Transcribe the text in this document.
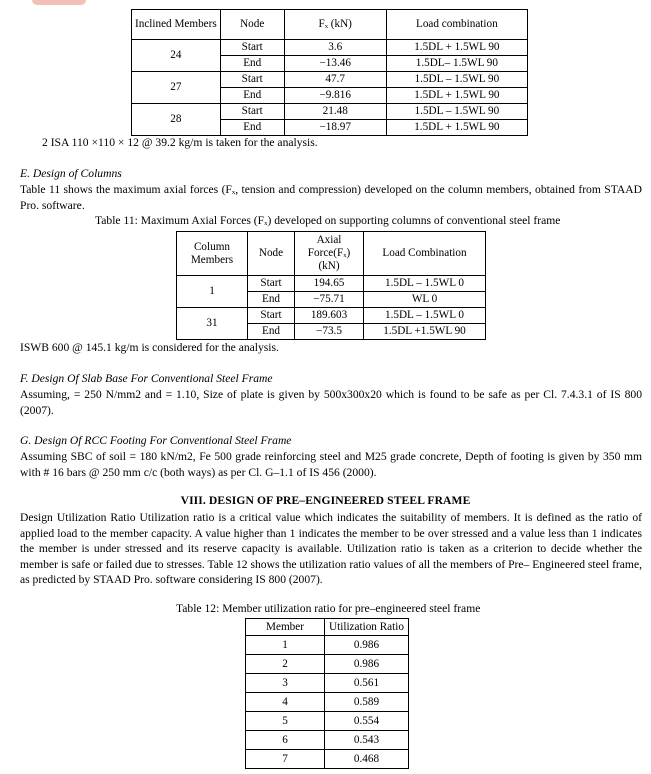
Inclined Members	Node	Fₓ (kN)	Load combination
24	Start	3.6	1.5DL + 1.5WL 90
	End	−13.46	1.5DL– 1.5WL 90
27	Start	47.7	1.5DL – 1.5WL 90
	End	−9.816	1.5DL + 1.5WL 90
28	Start	21.48	1.5DL – 1.5WL 90
	End	−18.97	1.5DL + 1.5WL 90

2 ISA 110 ×110 × 12 @ 39.2 kg/m is taken for the analysis.

E. Design of Columns

Table 11 shows the maximum axial forces (Fₓ, tension and compression) developed on the column members, obtained from STAAD Pro. software.

Table 11: Maximum Axial Forces (Fₓ) developed on supporting columns of conventional steel frame

Column Members	Node	Axial Force(Fₓ) (kN)	Load Combination
1	Start	194.65	1.5DL – 1.5WL 0
	End	−75.71	WL 0
31	Start	189.603	1.5DL – 1.5WL 0
	End	−73.5	1.5DL +1.5WL 90

ISWB 600 @ 145.1 kg/m is considered for the analysis.

F. Design Of Slab Base For Conventional Steel Frame

Assuming, = 250 N/mm2 and = 1.10, Size of plate is given by 500x300x20 which is found to be safe as per Cl. 7.4.3.1 of IS 800 (2007).

G. Design Of RCC Footing For Conventional Steel Frame

Assuming SBC of soil = 180 kN/m2, Fe 500 grade reinforcing steel and M25 grade concrete, Depth of footing is given by 350 mm with # 16 bars @ 250 mm c/c (both ways) as per Cl. G–1.1 of IS 456 (2000).

VIII. DESIGN OF PRE–ENGINEERED STEEL FRAME

Design Utilization Ratio Utilization ratio is a critical value which indicates the suitability of members. It is defined as the ratio of applied load to the member capacity. A value higher than 1 indicates the member to be over stressed and a value less than 1 indicates the member is under stressed and its reserve capacity is available. Utilization ratio is taken as a criterion to decide whether the member is safe or failed due to stresses. Table 12 shows the utilization ratio values of all the members of Pre– Engineered steel frame, as predicted by STAAD Pro. software considering IS 800 (2007).

Table 12: Member utilization ratio for pre–engineered steel frame

Member	Utilization Ratio
1	0.986
2	0.986
3	0.561
4	0.589
5	0.554
6	0.543
7	0.468
